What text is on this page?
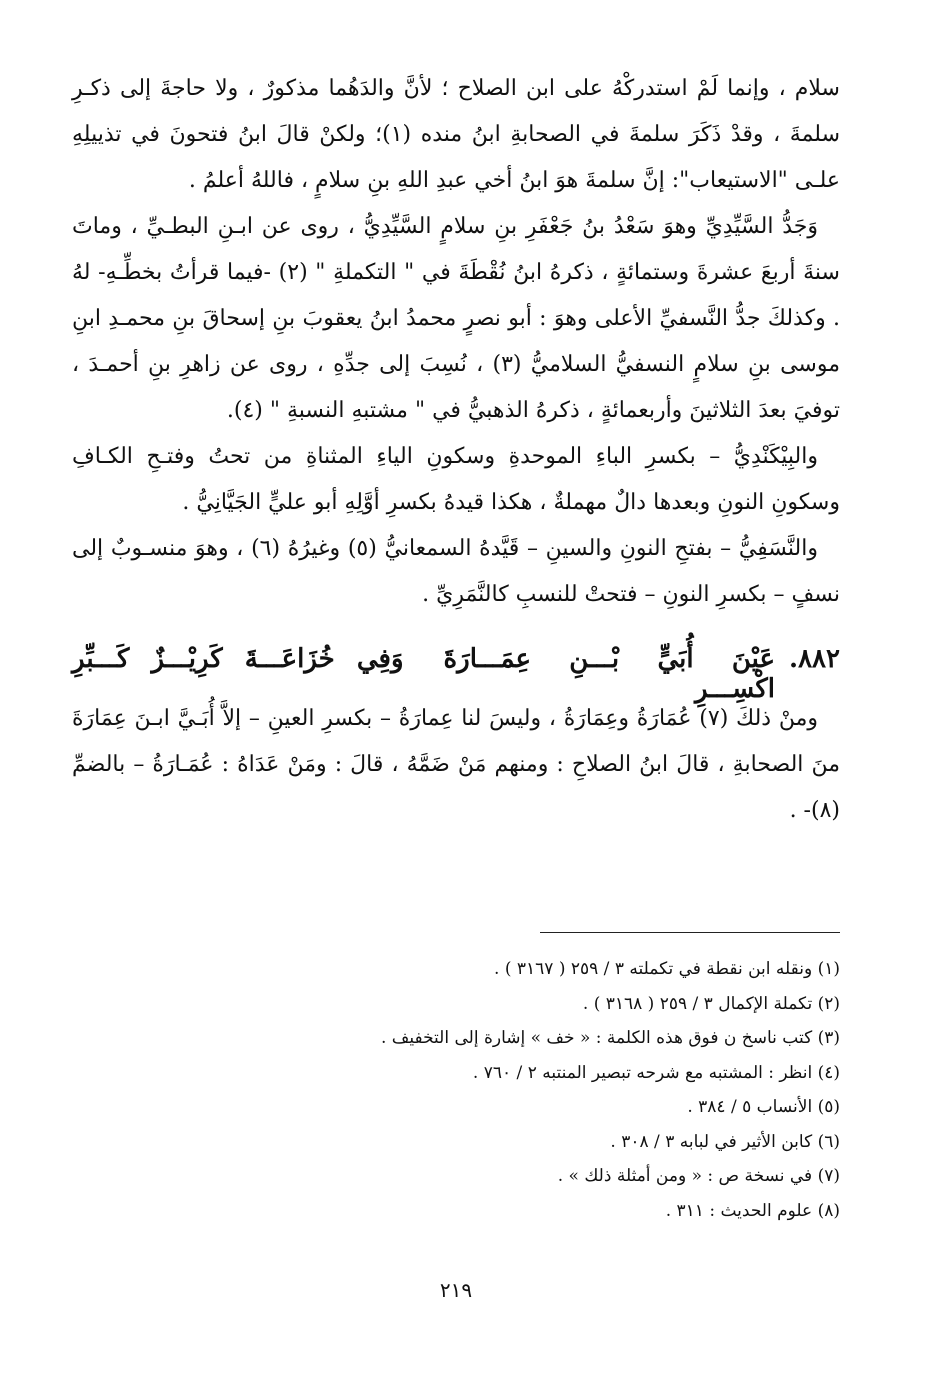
سلام ، وإنما لَمْ استدركْهُ على ابن الصلاح ؛ لأنَّ والدَهُما مذكورٌ ، ولا حاجةَ إلى ذكـرِ سلمةَ ، وقدْ ذَكَرَ سلمةَ في الصحابةِ ابنُ منده (١)؛ ولكنْ قالَ ابنُ فتحونَ في تذييلِهِ علـى "الاستيعاب": إنَّ سلمةَ هوَ ابنُ أخي عبدِ اللهِ بنِ سلامٍ ، فاللهُ أعلمُ .

وَجَدُّ السَّيِّدِيِّ وهوَ سَعْدُ بنُ جَعْفَرِ بنِ سلامٍ السَّيِّدِيُّ ، روى عن ابـنِ البطـيِّ ، وماتَ سنةَ أربعَ عشرةَ وستمائةٍ ، ذكرهُ ابنُ نُقْطَةَ في " التكملةِ " (٢) -فيما قرأتُ بخطِّـهِ- لهُ . وكذلكَ جدُّ النَّسفيِّ الأعلى وهوَ : أبو نصرٍ محمدُ ابنُ يعقوبَ بنِ إسحاقَ بنِ محمـدِ ابنِ موسى بنِ سلامٍ النسفيُّ السلاميُّ (٣) ، نُسِبَ إلى جدِّهِ ، روى عن زاهرِ بنِ أحمـدَ ، توفيَ بعدَ الثلاثينَ وأربعمائةٍ ، ذكرهُ الذهبيُّ في " مشتبهِ النسبةِ " (٤).

والبِيْكَنْدِيُّ – بكسرِ الباءِ الموحدةِ وسكونِ الياءِ المثناةِ من تحتُ وفتـحِ الكـافِ وسكونِ النونِ وبعدها دالٌ مهملةٌ ، هكذا قيدهُ بكسرِ أوَّلِهِ أبو عليٍّ الجَيَّانِيُّ .

والنَّسَفِيُّ – بفتحِ النونِ والسينِ – قَيَّدهُ السمعانيُّ (٥) وغيرُهُ (٦) ، وهوَ منسـوبٌ إلى نسفٍ – بكسرِ النونِ – فتحتْ للنسبِ كالنَّمَرِيِّ .

٨٨٢.
عَيْنَ أُبَيٍّ بْـــنِ عِمَـــارَةَ اكْسِـــرِ
وَفِي خُزَاعَـــةَ كَرِيْـــزٌ كَـــبِّرِ

ومنْ ذلكَ (٧) عُمَارَةُ وعِمَارَةُ ، وليسَ لنا عِمارَةُ – بكسرِ العينِ – إلاَّ أُبَـيَّ ابـنَ عِمَارَةَ منَ الصحابةِ ، قالَ ابنُ الصلاحِ : ومنهم مَنْ ضَمَّهُ ، قالَ : ومَنْ عَدَاهُ : عُمَـارَةُ – بالضمِّ (٨)- .

(١) ونقله ابن نقطة في تكملته ٣ / ٢٥٩ ( ٣١٦٧ ) .
(٢) تكملة الإكمال ٣ / ٢٥٩ ( ٣١٦٨ ) .
(٣) كتب ناسخ ن فوق هذه الكلمة : « خف » إشارة إلى التخفيف .
(٤) انظر : المشتبه مع شرحه تبصير المنتبه ٢ / ٧٦٠ .
(٥) الأنساب ٥ / ٣٨٤ .
(٦) كابن الأثير في لبابه ٣ / ٣٠٨ .
(٧) في نسخة ص : « ومن أمثلة ذلك » .
(٨) علوم الحديث : ٣١١ .
٢١٩
